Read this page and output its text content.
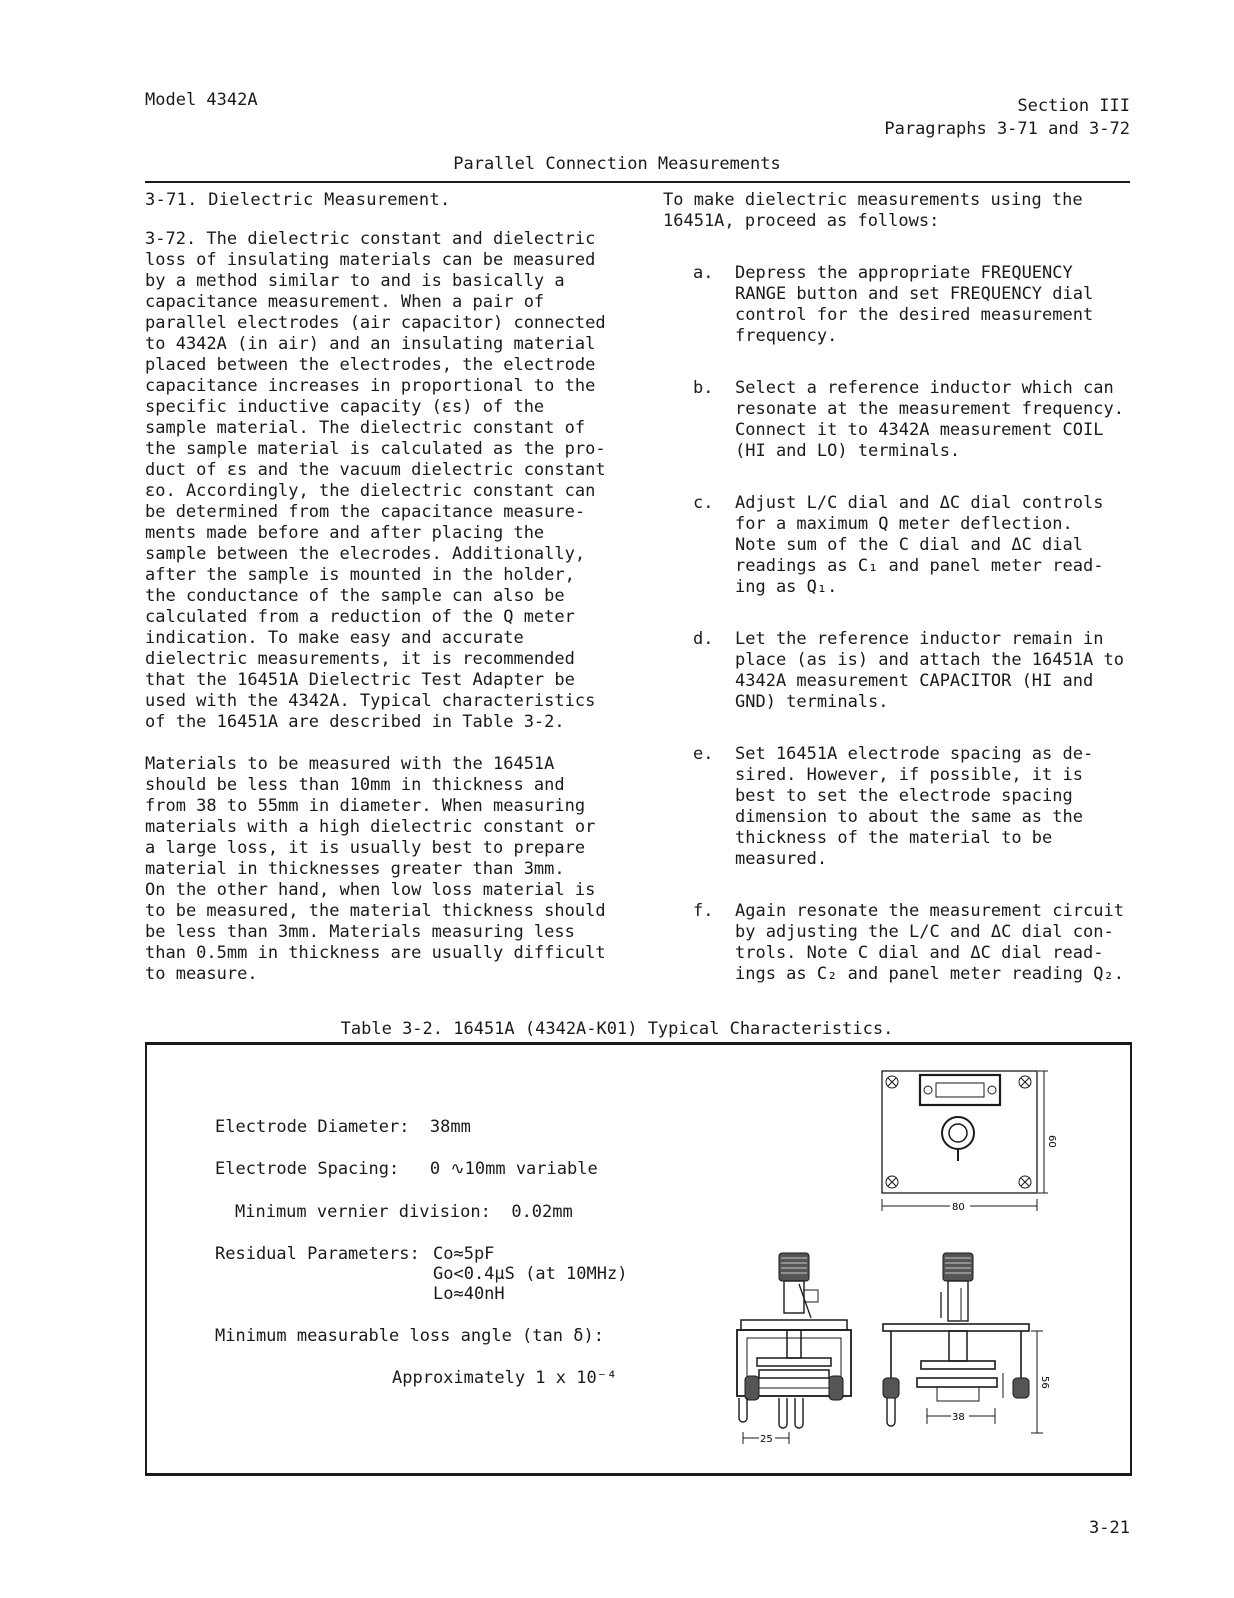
Model 4342A	Section III
Paragraphs 3-71 and 3-72
Parallel Connection Measurements
3-71. Dielectric Measurement.
3-72. The dielectric constant and dielectric
loss of insulating materials can be measured
by a method similar to and is basically a
capacitance measurement. When a pair of
parallel electrodes (air capacitor) connected
to 4342A (in air) and an insulating material
placed between the electrodes, the electrode
capacitance increases in proportional to the
specific inductive capacity (εs) of the
sample material. The dielectric constant of
the sample material is calculated as the pro-
duct of εs and the vacuum dielectric constant
εo. Accordingly, the dielectric constant can
be determined from the capacitance measure-
ments made before and after placing the
sample between the elecrodes. Additionally,
after the sample is mounted in the holder,
the conductance of the sample can also be
calculated from a reduction of the Q meter
indication. To make easy and accurate
dielectric measurements, it is recommended
that the 16451A Dielectric Test Adapter be
used with the 4342A. Typical characteristics
of the 16451A are described in Table 3-2.
Materials to be measured with the 16451A
should be less than 10mm in thickness and
from 38 to 55mm in diameter. When measuring
materials with a high dielectric constant or
a large loss, it is usually best to prepare
material in thicknesses greater than 3mm.
On the other hand, when low loss material is
to be measured, the material thickness should
be less than 3mm. Materials measuring less
than 0.5mm in thickness are usually difficult
to measure.
To make dielectric measurements using the
16451A, proceed as follows:
a. Depress the appropriate FREQUENCY
RANGE button and set FREQUENCY dial
control for the desired measurement
frequency.
b. Select a reference inductor which can
resonate at the measurement frequency.
Connect it to 4342A measurement COIL
(HI and LO) terminals.
c. Adjust L/C dial and ΔC dial controls
for a maximum Q meter deflection.
Note sum of the C dial and ΔC dial
readings as C₁ and panel meter read-
ing as Q₁.
d. Let the reference inductor remain in
place (as is) and attach the 16451A to
4342A measurement CAPACITOR (HI and
GND) terminals.
e. Set 16451A electrode spacing as de-
sired. However, if possible, it is
best to set the electrode spacing
dimension to about the same as the
thickness of the material to be
measured.
f. Again resonate the measurement circuit
by adjusting the L/C and ΔC dial con-
trols. Note C dial and ΔC dial read-
ings as C₂ and panel meter reading Q₂.
Table 3-2. 16451A (4342A-K01) Typical Characteristics.
Electrode Diameter:  38mm
Electrode Spacing:   0 ∿10mm variable
Minimum vernier division:  0.02mm
Residual Parameters: Co≈5pF
Go<0.4μS (at 10MHz)
Lo≈40nH
Minimum measurable loss angle (tan δ):
Approximately 1 x 10⁻⁴
60
80
25
56
38
3-21
